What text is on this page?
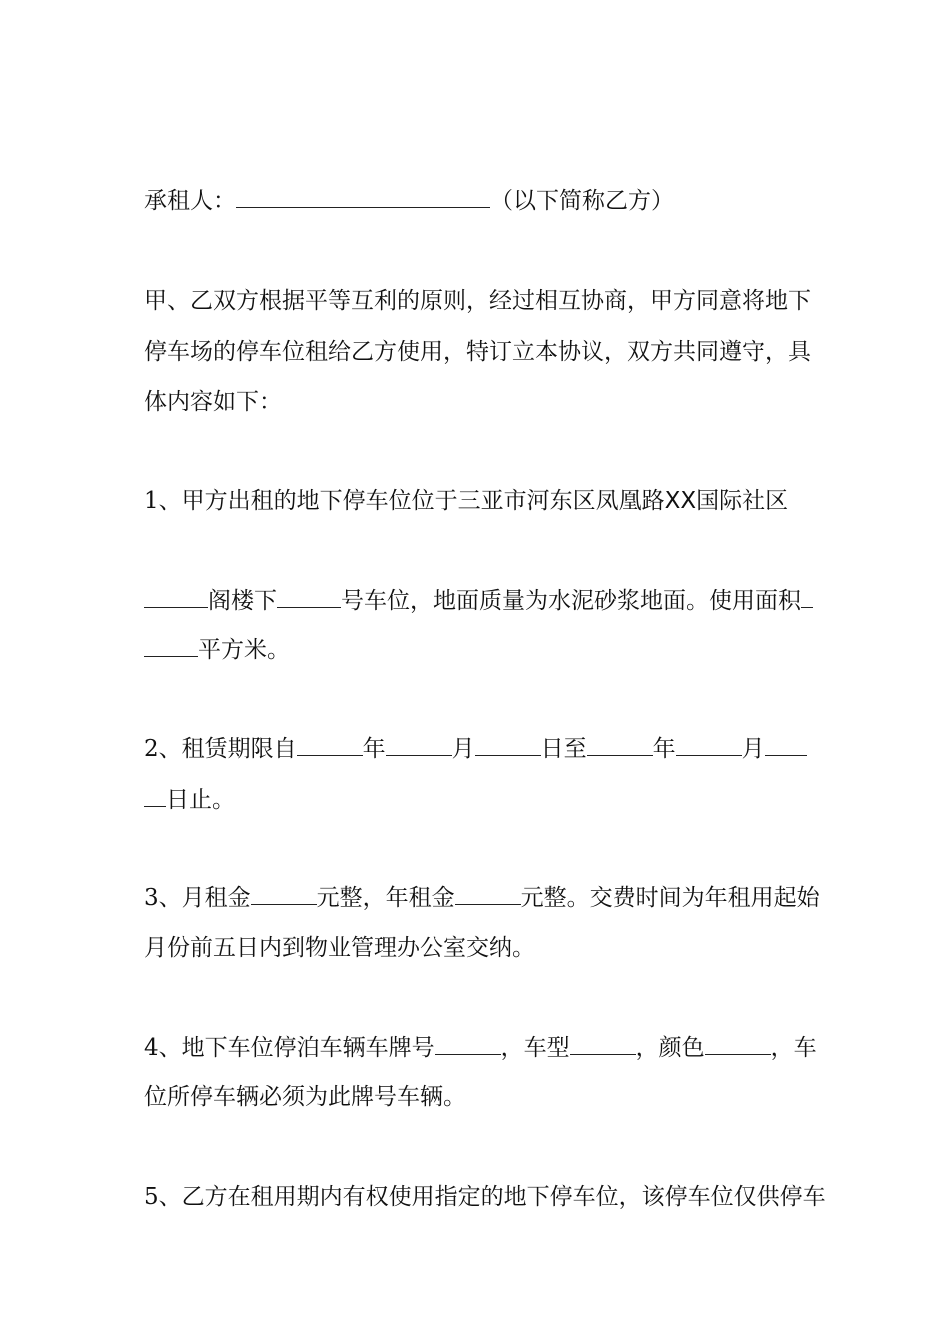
承租人：	（以下简称乙方）
甲、乙双方根据平等互利的原则，经过相互协商，甲方同意将地下
停车场的停车位租给乙方使用，特订立本协议，双方共同遵守，具
体内容如下：
1、甲方出租的地下停车位位于三亚市河东区凤凰路XX国际社区
阁楼下	号车位，地面质量为水泥砂浆地面。使用面积
平方米。
2、租赁期限自	年	月	日至	年	月
日止。
3、月租金	元整，年租金	元整。交费时间为年租用起始
月份前五日内到物业管理办公室交纳。
4、地下车位停泊车辆车牌号	，车型	，颜色	，车
位所停车辆必须为此牌号车辆。
5、乙方在租用期内有权使用指定的地下停车位，该停车位仅供停车
